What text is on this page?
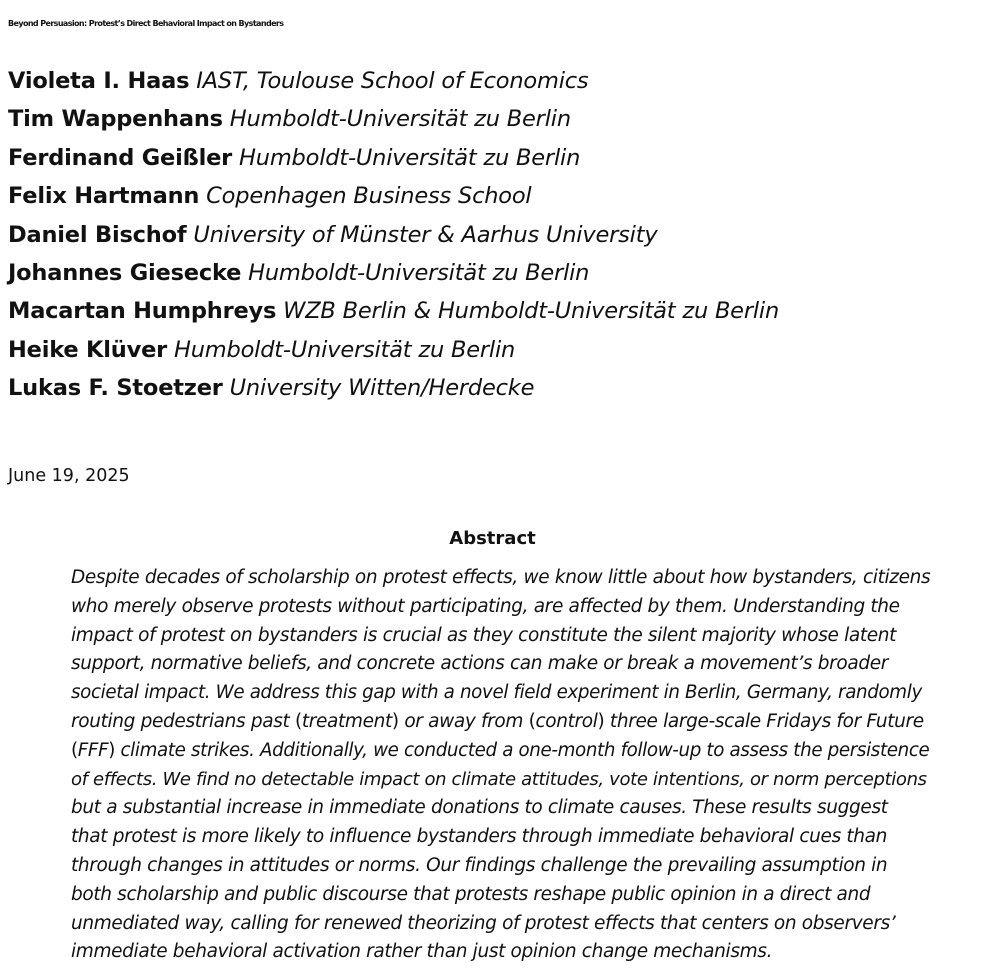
Beyond Persuasion: Protest’s Direct Behavioral Impact on Bystanders
Violeta I. Haas IAST, Toulouse School of Economics
Tim Wappenhans Humboldt-Universität zu Berlin
Ferdinand Geißler Humboldt-Universität zu Berlin
Felix Hartmann Copenhagen Business School
Daniel Bischof University of Münster & Aarhus University
Johannes Giesecke Humboldt-Universität zu Berlin
Macartan Humphreys WZB Berlin & Humboldt-Universität zu Berlin
Heike Klüver Humboldt-Universität zu Berlin
Lukas F. Stoetzer University Witten/Herdecke
June 19, 2025
Abstract
Despite decades of scholarship on protest effects, we know little about how bystanders, citizens
who merely observe protests without participating, are affected by them. Understanding the
impact of protest on bystanders is crucial as they constitute the silent majority whose latent
support, normative beliefs, and concrete actions can make or break a movement’s broader
societal impact. We address this gap with a novel field experiment in Berlin, Germany, randomly
routing pedestrians past (treatment) or away from (control) three large-scale Fridays for Future
(FFF) climate strikes. Additionally, we conducted a one-month follow-up to assess the persistence
of effects. We find no detectable impact on climate attitudes, vote intentions, or norm perceptions
but a substantial increase in immediate donations to climate causes. These results suggest
that protest is more likely to influence bystanders through immediate behavioral cues than
through changes in attitudes or norms. Our findings challenge the prevailing assumption in
both scholarship and public discourse that protests reshape public opinion in a direct and
unmediated way, calling for renewed theorizing of protest effects that centers on observers’
immediate behavioral activation rather than just opinion change mechanisms.
